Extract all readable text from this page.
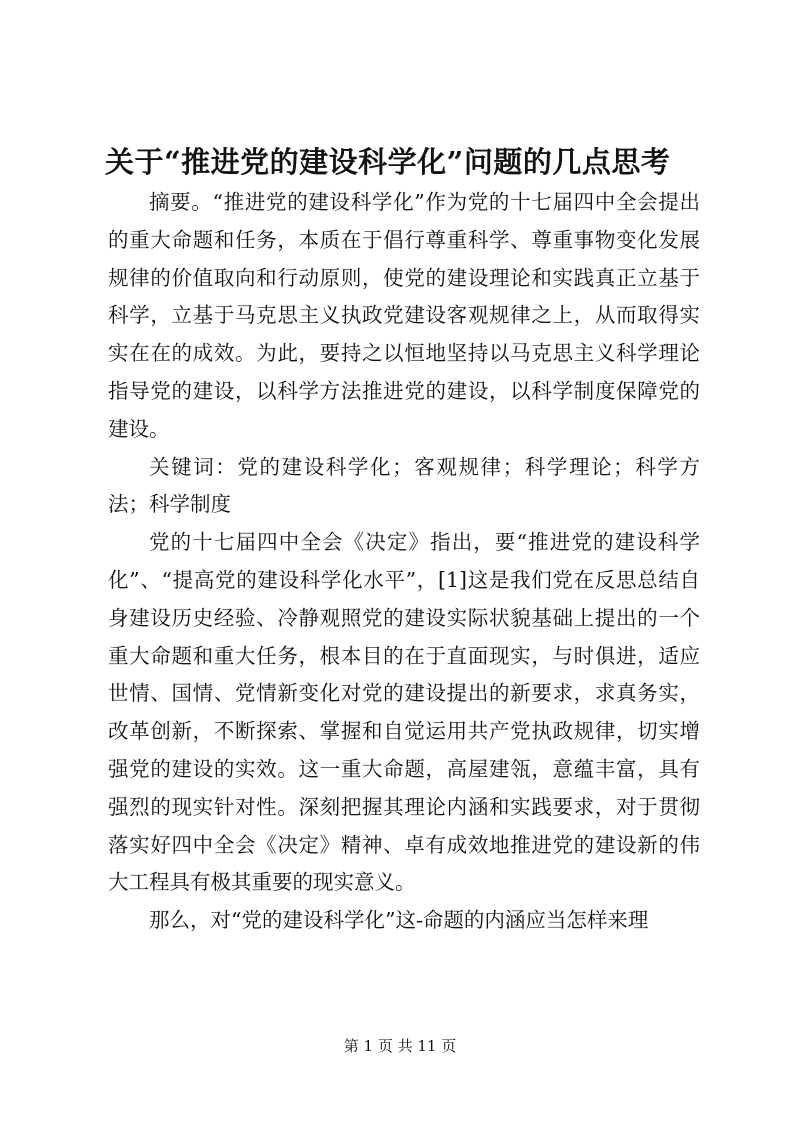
关于“推进党的建设科学化”问题的几点思考

摘要。“推进党的建设科学化”作为党的十七届四中全会提出的重大命题和任务，本质在于倡行尊重科学、尊重事物变化发展规律的价值取向和行动原则，使党的建设理论和实践真正立基于科学，立基于马克思主义执政党建设客观规律之上，从而取得实实在在的成效。为此，要持之以恒地坚持以马克思主义科学理论指导党的建设，以科学方法推进党的建设，以科学制度保障党的建设。

关键词：党的建设科学化；客观规律；科学理论；科学方法；科学制度

党的十七届四中全会《决定》指出，要“推进党的建设科学化”、“提高党的建设科学化水平”，[1]这是我们党在反思总结自身建设历史经验、冷静观照党的建设实际状貌基础上提出的一个重大命题和重大任务，根本目的在于直面现实，与时俱进，适应世情、国情、党情新变化对党的建设提出的新要求，求真务实，改革创新，不断探索、掌握和自觉运用共产党执政规律，切实增强党的建设的实效。这一重大命题，高屋建瓴，意蕴丰富，具有强烈的现实针对性。深刻把握其理论内涵和实践要求，对于贯彻落实好四中全会《决定》精神、卓有成效地推进党的建设新的伟大工程具有极其重要的现实意义。

那么，对“党的建设科学化”这-命题的内涵应当怎样来理

第 1 页 共 11 页
